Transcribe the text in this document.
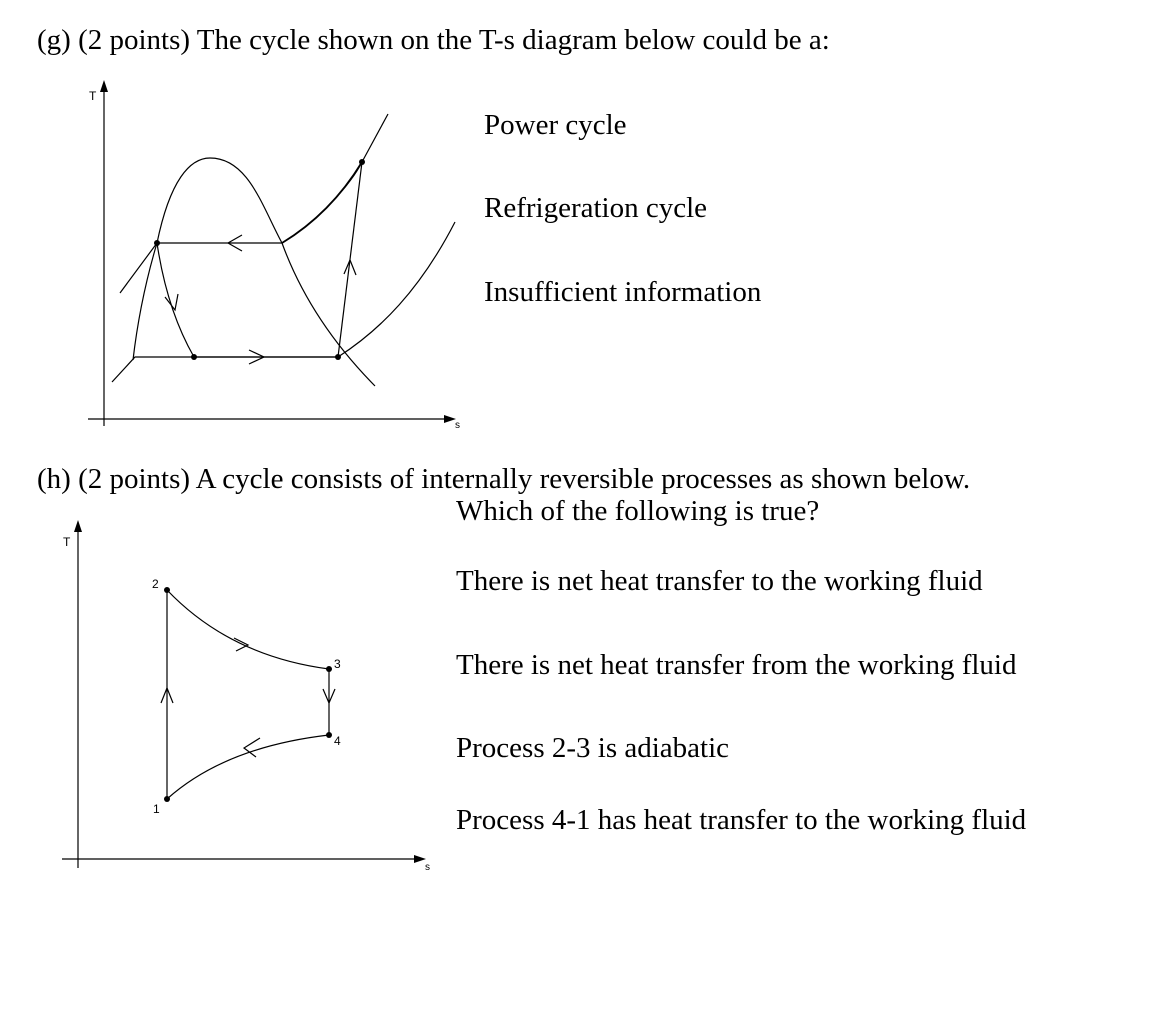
(g) (2 points) The cycle shown on the T-s diagram below could be a:
T
s
T
s
1
2
3
4
Power cycle
Refrigeration cycle
Insufficient information
(h) (2 points) A cycle consists of internally reversible processes as shown below.
Which of the following is true?
There is net heat transfer to the working fluid
There is net heat transfer from the working fluid
Process 2-3 is adiabatic
Process 4-1 has heat transfer to the working fluid
